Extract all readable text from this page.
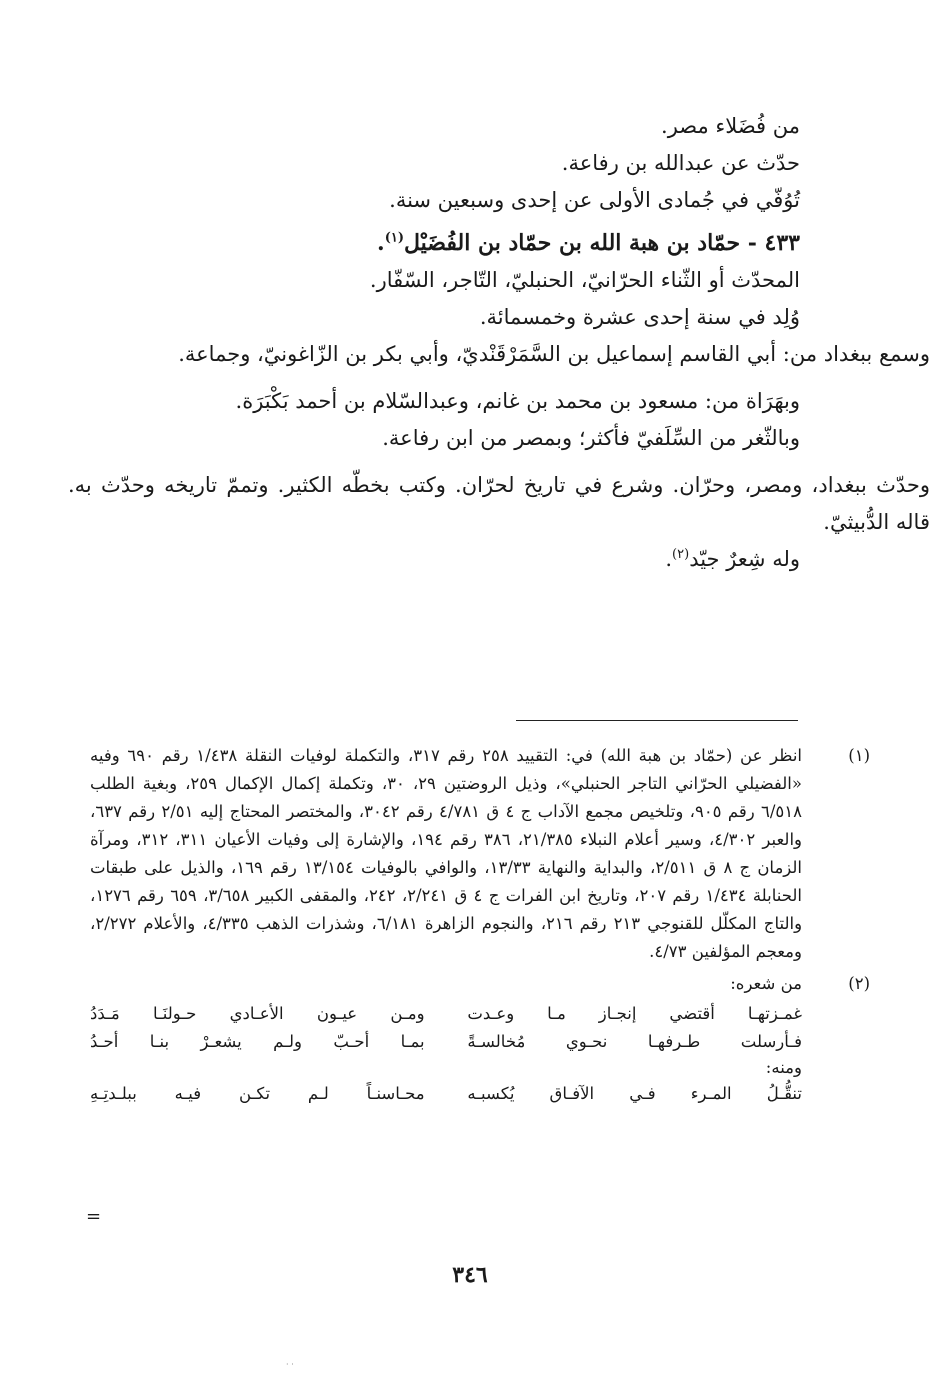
من فُضَلاء مصر.

حدّث عن عبدالله بن رفاعة.

تُوُفّي في جُمادى الأولى عن إحدى وسبعين سنة.

٤٣٣ - حمّاد بن هبة الله بن حمّاد بن الفُضَيْل$^{(١)}$.

المحدّث أو الثّناء الحرّانيّ، الحنبليّ، التّاجر، السّفّار.

وُلِد في سنة إحدى عشرة وخمسمائة.

وسمع ببغداد من: أبي القاسم إسماعيل بن السَّمَرْقَنْديّ، وأبي بكر بن الزّاغونيّ، وجماعة.

وبهَرَاة من: مسعود بن محمد بن غانم، وعبدالسّلام بن أحمد بَكْبَرَة.

وبالثّغر من السِّلَفيّ فأكثر؛ وبمصر من ابن رفاعة.

وحدّث ببغداد، ومصر، وحرّان. وشرع في تاريخ لحرّان. وكتب بخطّه الكثير. وتممّ تاريخه وحدّث به. قاله الدُّبيثيّ.

وله شِعرٌ جيّد$^{(٢)}$.

(١)

انظر عن (حمّاد بن هبة الله) في: التقييد ٢٥٨ رقم ٣١٧، والتكملة لوفيات النقلة ١/٤٣٨ رقم ٦٩٠ وفيه «الفضيلي الحرّاني التاجر الحنبلي»، وذيل الروضتين ٢٩، ٣٠، وتكملة إكمال الإكمال ٢٥٩، وبغية الطلب ٦/٥١٨ رقم ٩٠٥، وتلخيص مجمع الآداب ج ٤ ق ٤/٧٨١ رقم ٣٠٤٢، والمختصر المحتاج إليه ٢/٥١ رقم ٦٣٧، والعبر ٤/٣٠٢، وسير أعلام النبلاء ٢١/٣٨٥، ٣٨٦ رقم ١٩٤، والإشارة إلى وفيات الأعيان ٣١١، ٣١٢، ومرآة الزمان ج ٨ ق ٢/٥١١، والبداية والنهاية ١٣/٣٣، والوافي بالوفيات ١٣/١٥٤ رقم ١٦٩، والذيل على طبقات الحنابلة ١/٤٣٤ رقم ٢٠٧، وتاريخ ابن الفرات ج ٤ ق ٢/٢٤١، ٢٤٢، والمقفى الكبير ٣/٦٥٨، ٦٥٩ رقم ١٢٧٦، والتاج المكلّل للقنوجي ٢١٣ رقم ٢١٦، والنجوم الزاهرة ٦/١٨١، وشذرات الذهب ٤/٣٣٥، والأعلام ٢/٢٧٢، ومعجم المؤلفين ٤/٧٣.

(٢)

من شعره:

غمـزتهـا أقتضي إنجـاز مـا وعـدت
ومـن عيـون الأعـادي حـولنَـا مَـدَدُ
فـأرسلت طـرفهـا نحـوي مُخالسـةً
بمـا أحـبّ ولـم يشعـرْ بنـا أحـدُ
ومنه:
تنقُّـلُ المـرء فـي الآفـاق يُكسبـه
محـاسنـاً لـم تكـن فيـه ببلـدتِـهِ
=
٣٤٦
· ·
